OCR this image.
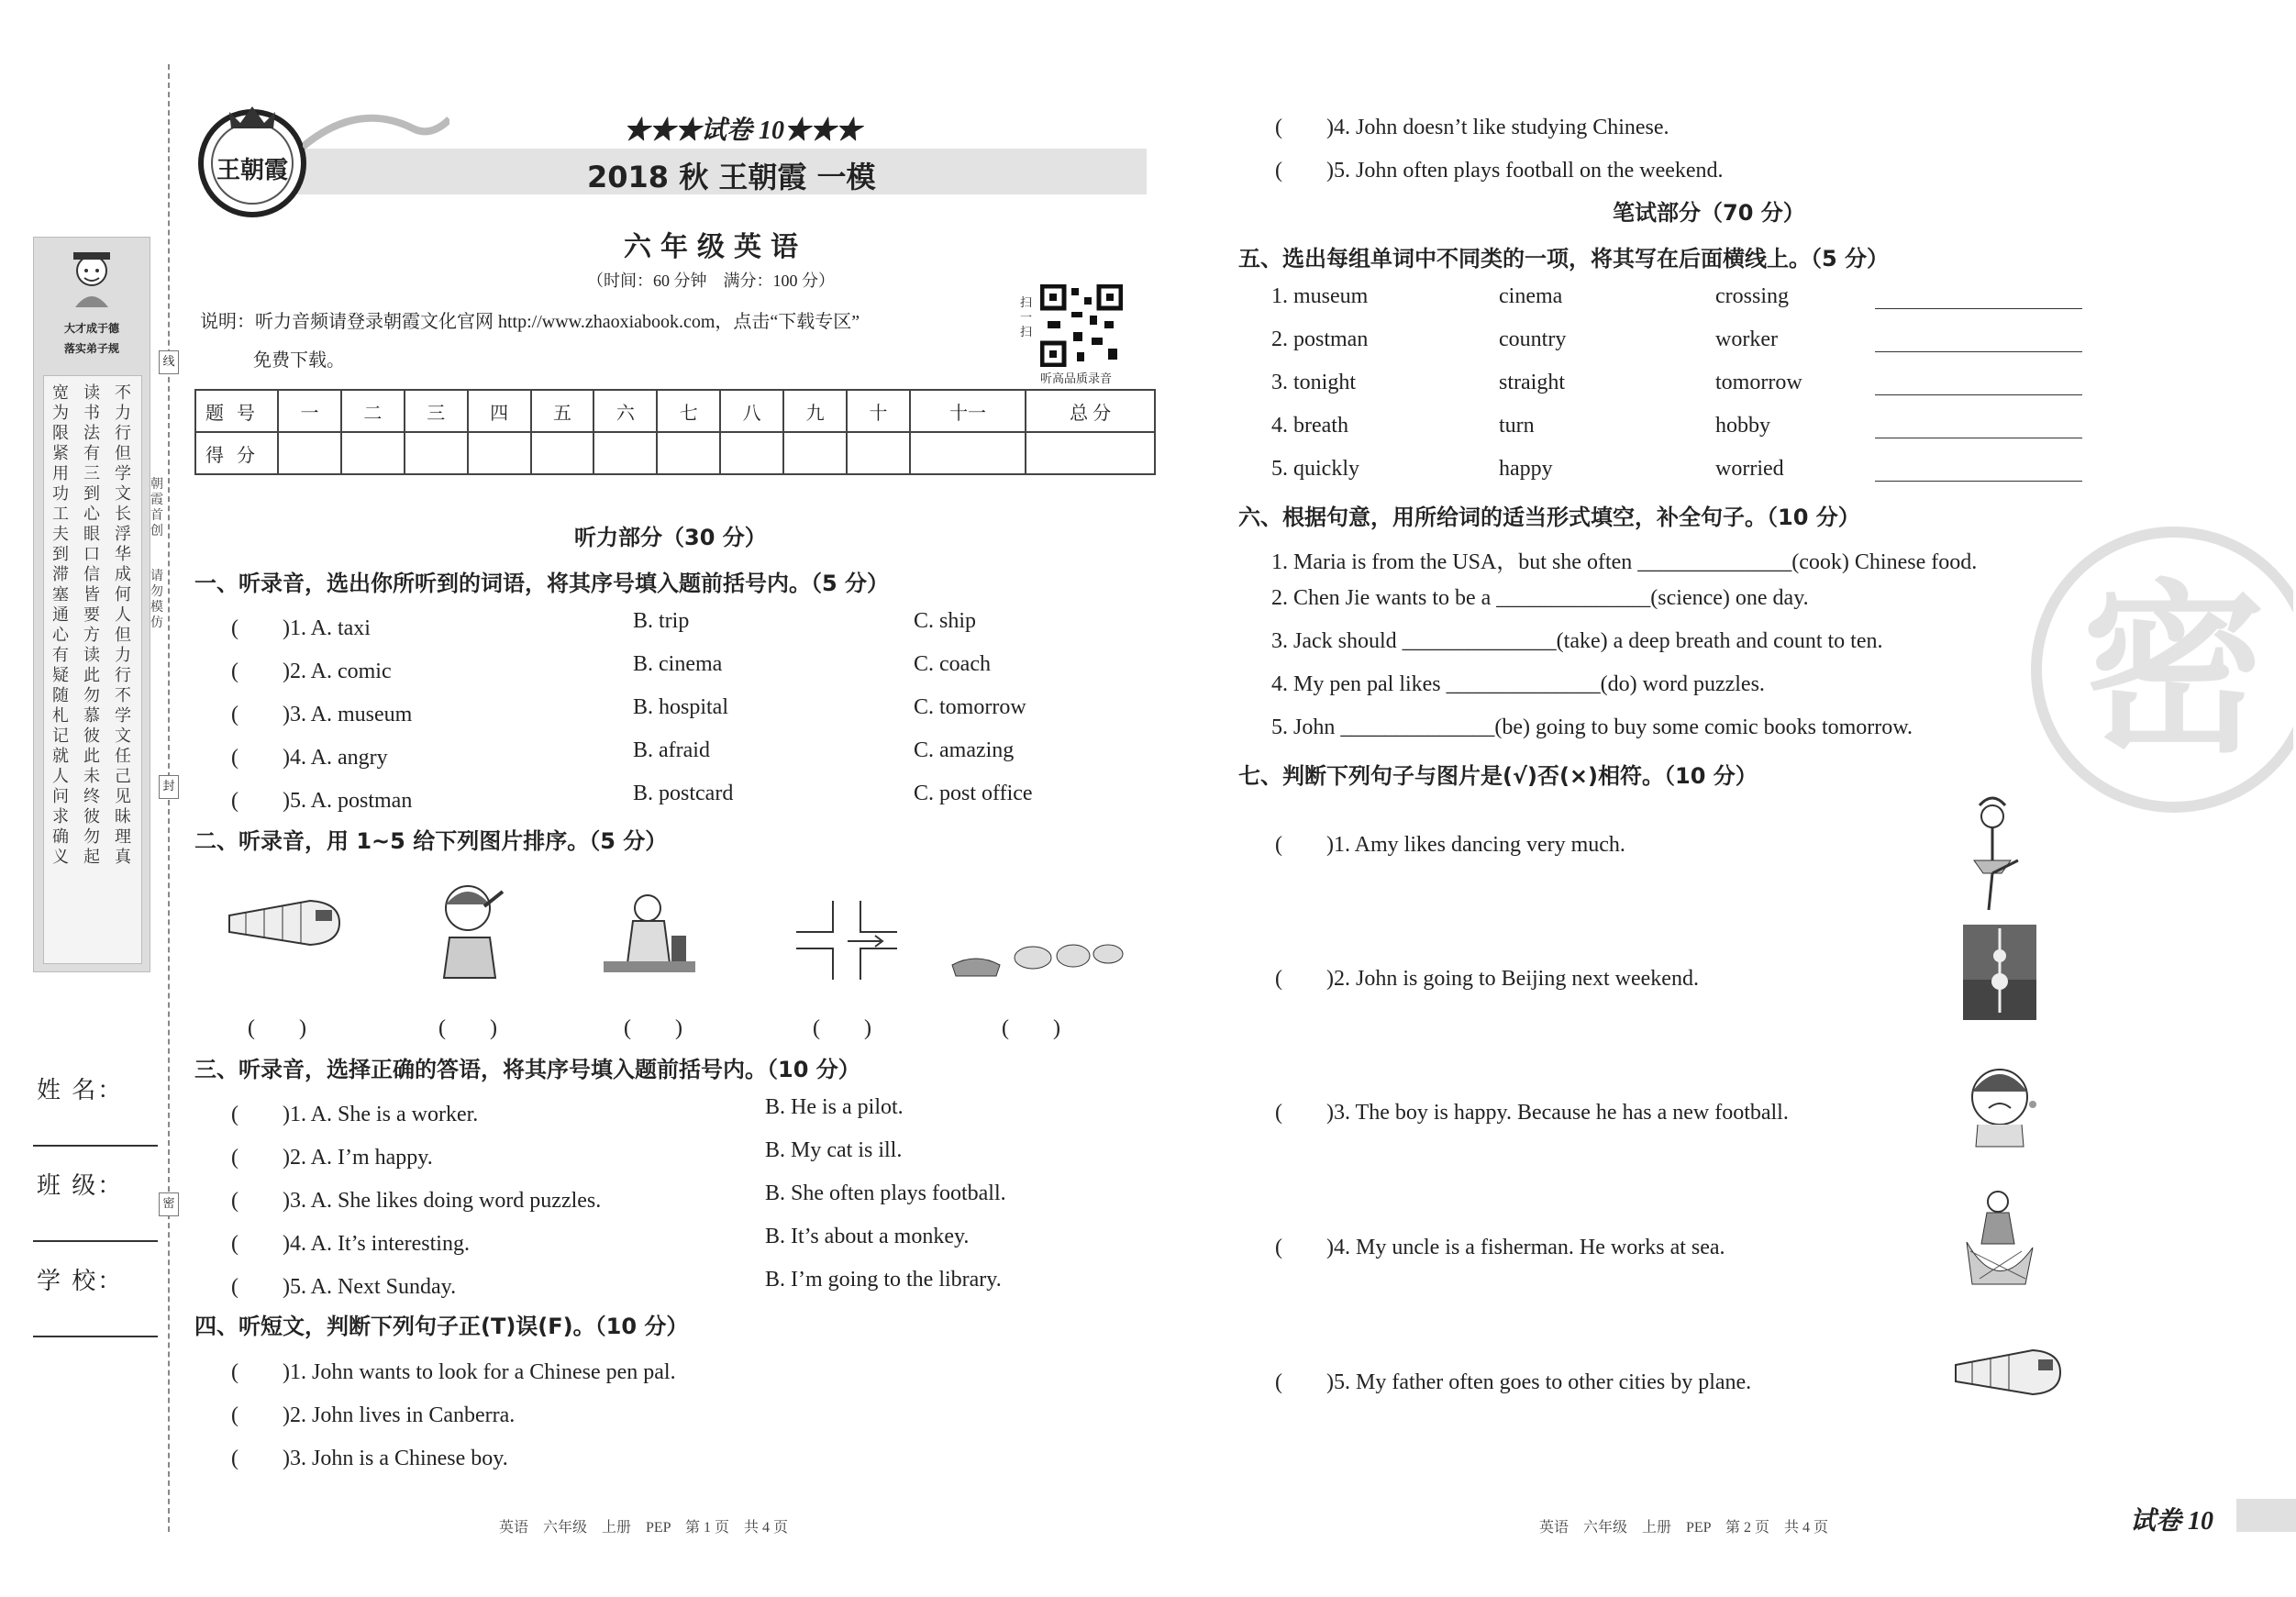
大才成于德
落实弟子规
宽为限紧用功工夫到滞塞通心有疑随札记就人问求确义
读书法有三到心眼口信皆要方读此勿慕彼此未终彼勿起
不力行但学文长浮华成何人但力行不学文任己见昧理真
朝霞首创
请勿模仿
线
封
密
姓 名：
班 级：
学 校：
王朝霞
★★★试卷 10★★★
2018 秋 王朝霞 一模
六年级英语
（时间：60 分钟　满分：100 分）
说明：听力音频请登录朝霞文化官网 http://www.zhaoxiabook.com，点击“下载专区”
免费下载。
扫一扫
听高品质录音
题号	一	二	三	四	五	六	七	八	九	十	十一	总 分
得分												
听力部分（30 分）
一、听录音，选出你所听到的词语，将其序号填入题前括号内。（5 分）
(　　)1. A. taxi	B. trip	C. ship
(　　)2. A. comic	B. cinema	C. coach
(　　)3. A. museum	B. hospital	C. tomorrow
(　　)4. A. angry	B. afraid	C. amazing
(　　)5. A. postman	B. postcard	C. post office
二、听录音，用 1~5 给下列图片排序。（5 分）
(　　)	(　　)	(　　)	(　　)	(　　)
三、听录音，选择正确的答语，将其序号填入题前括号内。（10 分）
(　　)1. A. She is a worker.	B. He is a pilot.
(　　)2. A. I’m happy.	B. My cat is ill.
(　　)3. A. She likes doing word puzzles.	B. She often plays football.
(　　)4. A. It’s interesting.	B. It’s about a monkey.
(　　)5. A. Next Sunday.	B. I’m going to the library.
四、听短文，判断下列句子正(T)误(F)。（10 分）
(　　)1. John wants to look for a Chinese pen pal.
(　　)2. John lives in Canberra.
(　　)3. John is a Chinese boy.
英语　六年级　上册　PEP　第 1 页　共 4 页
(　　)4. John doesn’t like studying Chinese.
(　　)5. John often plays football on the weekend.
笔试部分（70 分）
五、选出每组单词中不同类的一项，将其写在后面横线上。（5 分）
1. museum	cinema	crossing
2. postman	country	worker
3. tonight	straight	tomorrow
4. breath	turn	hobby
5. quickly	happy	worried
密
六、根据句意，用所给词的适当形式填空，补全句子。（10 分）
1. Maria is from the USA，but she often ______________(cook) Chinese food.
2. Chen Jie wants to be a ______________(science) one day.
3. Jack should ______________(take) a deep breath and count to ten.
4. My pen pal likes ______________(do) word puzzles.
5. John ______________(be) going to buy some comic books tomorrow.
七、判断下列句子与图片是(√)否(×)相符。（10 分）
(　　)1. Amy likes dancing very much.
(　　)2. John is going to Beijing next weekend.
(　　)3. The boy is happy. Because he has a new football.
(　　)4. My uncle is a fisherman. He works at sea.
(　　)5. My father often goes to other cities by plane.
英语　六年级　上册　PEP　第 2 页　共 4 页	试卷 10
